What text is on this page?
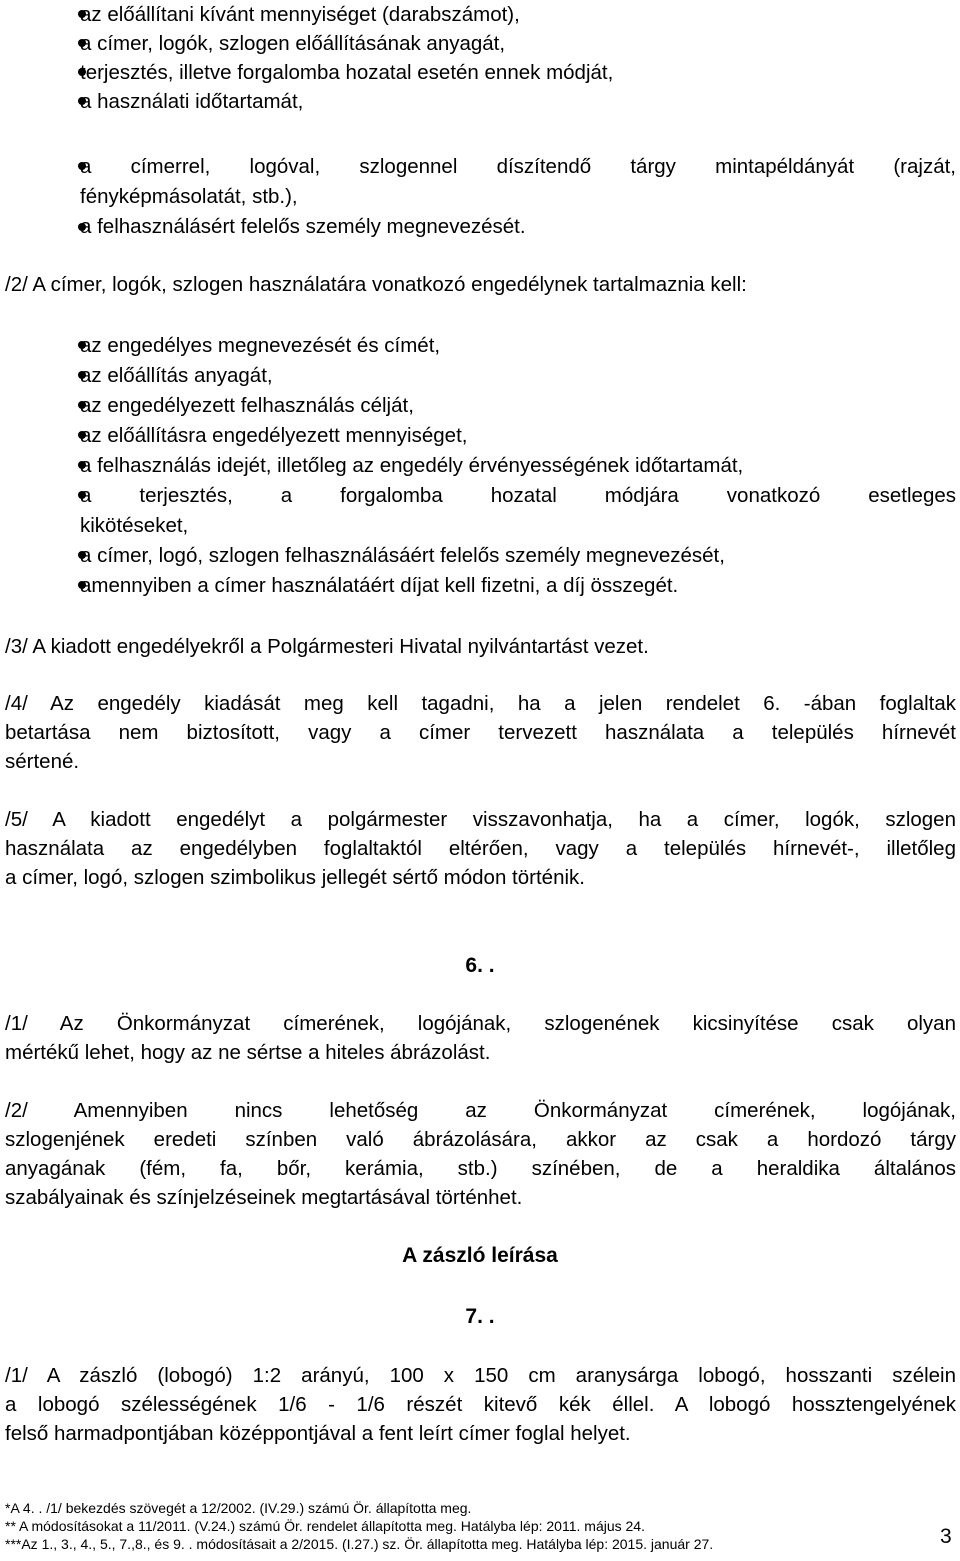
az előállítani kívánt mennyiséget (darabszámot),
a címer, logók, szlogen előállításának anyagát,
terjesztés, illetve forgalomba hozatal esetén ennek módját,
a használati időtartamát,
a címerrel, logóval, szlogennel díszítendő tárgy mintapéldányát (rajzát,
fényképmásolatát, stb.),
a felhasználásért felelős személy megnevezését.
/2/ A címer, logók, szlogen használatára vonatkozó engedélynek tartalmaznia kell:
az engedélyes megnevezését és címét,
az előállítás anyagát,
az engedélyezett felhasználás célját,
az előállításra engedélyezett mennyiséget,
a felhasználás idejét, illetőleg az engedély érvényességének időtartamát,
a terjesztés, a forgalomba hozatal módjára vonatkozó esetleges
kikötéseket,
a címer, logó, szlogen felhasználásáért felelős személy megnevezését,
amennyiben a címer használatáért díjat kell fizetni, a díj összegét.
/3/ A kiadott engedélyekről a Polgármesteri Hivatal nyilvántartást vezet.
/4/ Az engedély kiadását meg kell tagadni, ha a jelen rendelet 6. -ában foglaltak
betartása nem biztosított, vagy a címer tervezett használata a település hírnevét
sértené.
/5/ A kiadott engedélyt a polgármester visszavonhatja, ha a címer, logók, szlogen
használata az engedélyben foglaltaktól eltérően, vagy a település hírnevét-, illetőleg
a címer, logó, szlogen szimbolikus jellegét sértő módon történik.
6. .
/1/ Az Önkormányzat címerének, logójának, szlogenének kicsinyítése csak olyan
mértékű lehet, hogy az ne sértse a hiteles ábrázolást.
/2/ Amennyiben nincs lehetőség az Önkormányzat címerének, logójának,
szlogenjének eredeti színben való ábrázolására, akkor az csak a hordozó tárgy
anyagának (fém, fa, bőr, kerámia, stb.) színében, de a heraldika általános
szabályainak és színjelzéseinek megtartásával történhet.
A zászló leírása
7. .
/1/ A zászló (lobogó) 1:2 arányú, 100 x 150 cm aranysárga lobogó, hosszanti szélein
a lobogó szélességének 1/6 - 1/6 részét kitevő kék éllel. A lobogó hossztengelyének
felső harmadpontjában középpontjával a fent leírt címer foglal helyet.
*A 4. . /1/ bekezdés szövegét a 12/2002. (IV.29.) számú Ör. állapította meg.
** A módosításokat a 11/2011. (V.24.) számú Ör. rendelet állapította meg. Hatályba lép: 2011. május 24.
***Az 1., 3., 4., 5., 7.,8., és 9. . módosításait a 2/2015. (I.27.) sz. Ör. állapította meg. Hatályba lép: 2015. január 27.	3
